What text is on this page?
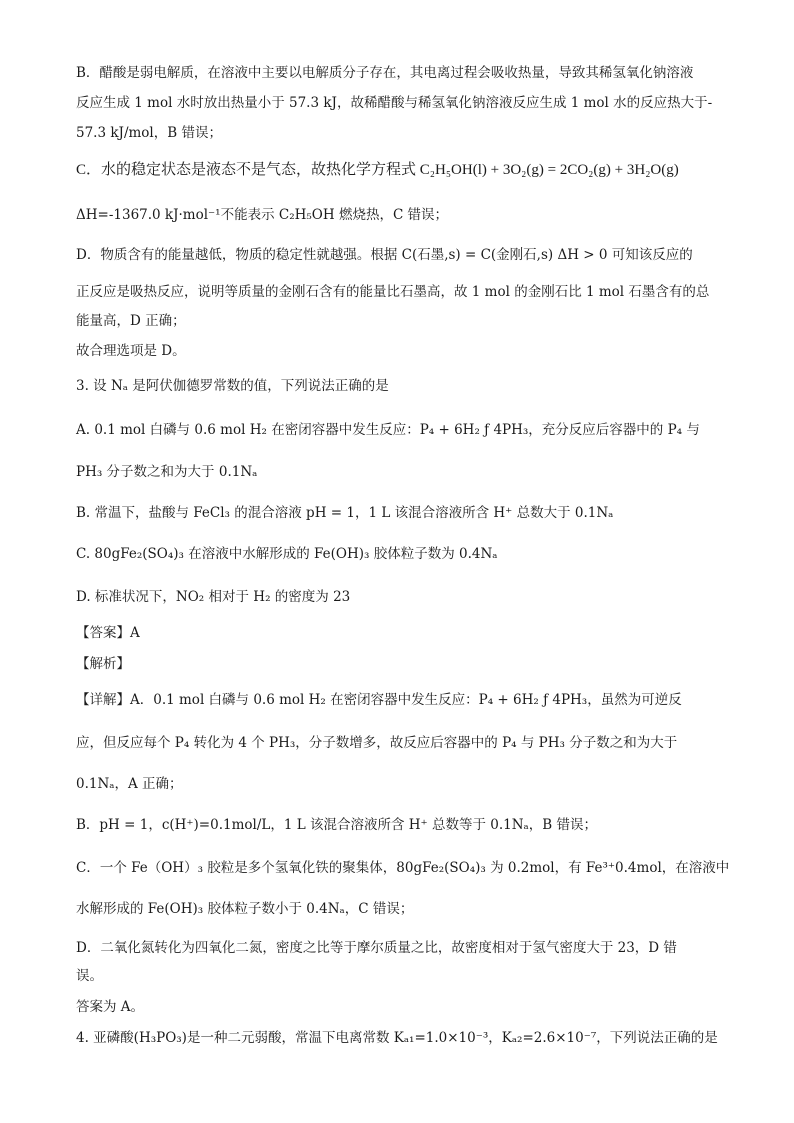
B．醋酸是弱电解质，在溶液中主要以电解质分子存在，其电离过程会吸收热量，导致其稀氢氧化钠溶液
反应生成 1 mol 水时放出热量小于 57.3 kJ，故稀醋酸与稀氢氧化钠溶液反应生成 1 mol 水的反应热大于-
57.3 kJ/mol，B 错误；
C．水的稳定状态是液态不是气态，故热化学方程式 C₂H₅OH(l) + 3O₂(g) = 2CO₂(g) + 3H₂O(g)
ΔH=-1367.0 kJ·mol⁻¹不能表示 C₂H₅OH 燃烧热，C 错误；
D．物质含有的能量越低，物质的稳定性就越强。根据 C(石墨,s) = C(金刚石,s) ΔH > 0 可知该反应的
正反应是吸热反应，说明等质量的金刚石含有的能量比石墨高，故 1 mol 的金刚石比 1 mol 石墨含有的总
能量高，D 正确；
故合理选项是 D。
3. 设 Nₐ 是阿伏伽德罗常数的值，下列说法正确的是
A. 0.1 mol 白磷与 0.6 mol H₂ 在密闭容器中发生反应：P₄ + 6H₂ ƒ 4PH₃，充分反应后容器中的 P₄ 与
PH₃ 分子数之和为大于 0.1Nₐ
B. 常温下，盐酸与 FeCl₃ 的混合溶液 pH = 1，1 L 该混合溶液所含 H⁺ 总数大于 0.1Nₐ
C. 80gFe₂(SO₄)₃ 在溶液中水解形成的 Fe(OH)₃ 胶体粒子数为 0.4Nₐ
D. 标准状况下，NO₂ 相对于 H₂ 的密度为 23
【答案】A
【解析】
【详解】A．0.1 mol 白磷与 0.6 mol H₂ 在密闭容器中发生反应：P₄ + 6H₂ ƒ 4PH₃，虽然为可逆反
应，但反应每个 P₄ 转化为 4 个 PH₃，分子数增多，故反应后容器中的 P₄ 与 PH₃ 分子数之和为大于
0.1Nₐ，A 正确；
B．pH = 1，c(H⁺)=0.1mol/L，1 L 该混合溶液所含 H⁺ 总数等于 0.1Nₐ，B 错误；
C．一个 Fe（OH）₃ 胶粒是多个氢氧化铁的聚集体，80gFe₂(SO₄)₃ 为 0.2mol，有 Fe³⁺0.4mol，在溶液中
水解形成的 Fe(OH)₃ 胶体粒子数小于 0.4Nₐ，C 错误；
D．二氧化氮转化为四氧化二氮，密度之比等于摩尔质量之比，故密度相对于氢气密度大于 23，D 错
误。
答案为 A。
4. 亚磷酸(H₃PO₃)是一种二元弱酸，常温下电离常数 Kₐ₁=1.0×10⁻³，Kₐ₂=2.6×10⁻⁷，下列说法正确的是
